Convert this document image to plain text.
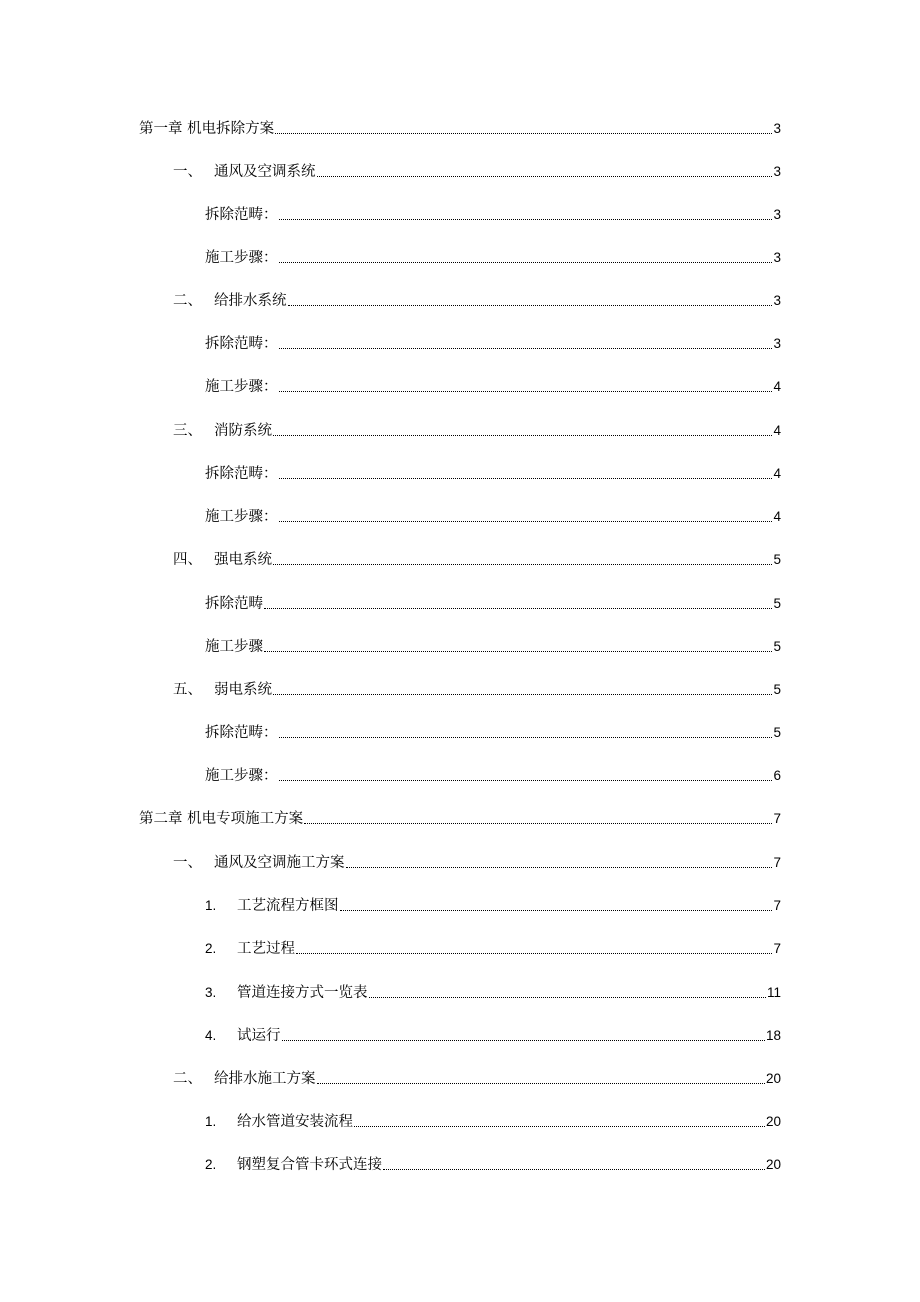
第一章 机电拆除方案	3
一、 通风及空调系统	3
拆除范畴：	3
施工步骤：	3
二、 给排水系统	3
拆除范畴：	3
施工步骤：	4
三、 消防系统	4
拆除范畴：	4
施工步骤：	4
四、 强电系统	5
拆除范畴	5
施工步骤	5
五、 弱电系统	5
拆除范畴：	5
施工步骤：	6
第二章 机电专项施工方案	7
一、 通风及空调施工方案	7
1.	工艺流程方框图	7
2.	工艺过程	7
3.	管道连接方式一览表	11
4.	试运行	18
二、 给排水施工方案	20
1.	给水管道安装流程	20
2.	钢塑复合管卡环式连接	20
